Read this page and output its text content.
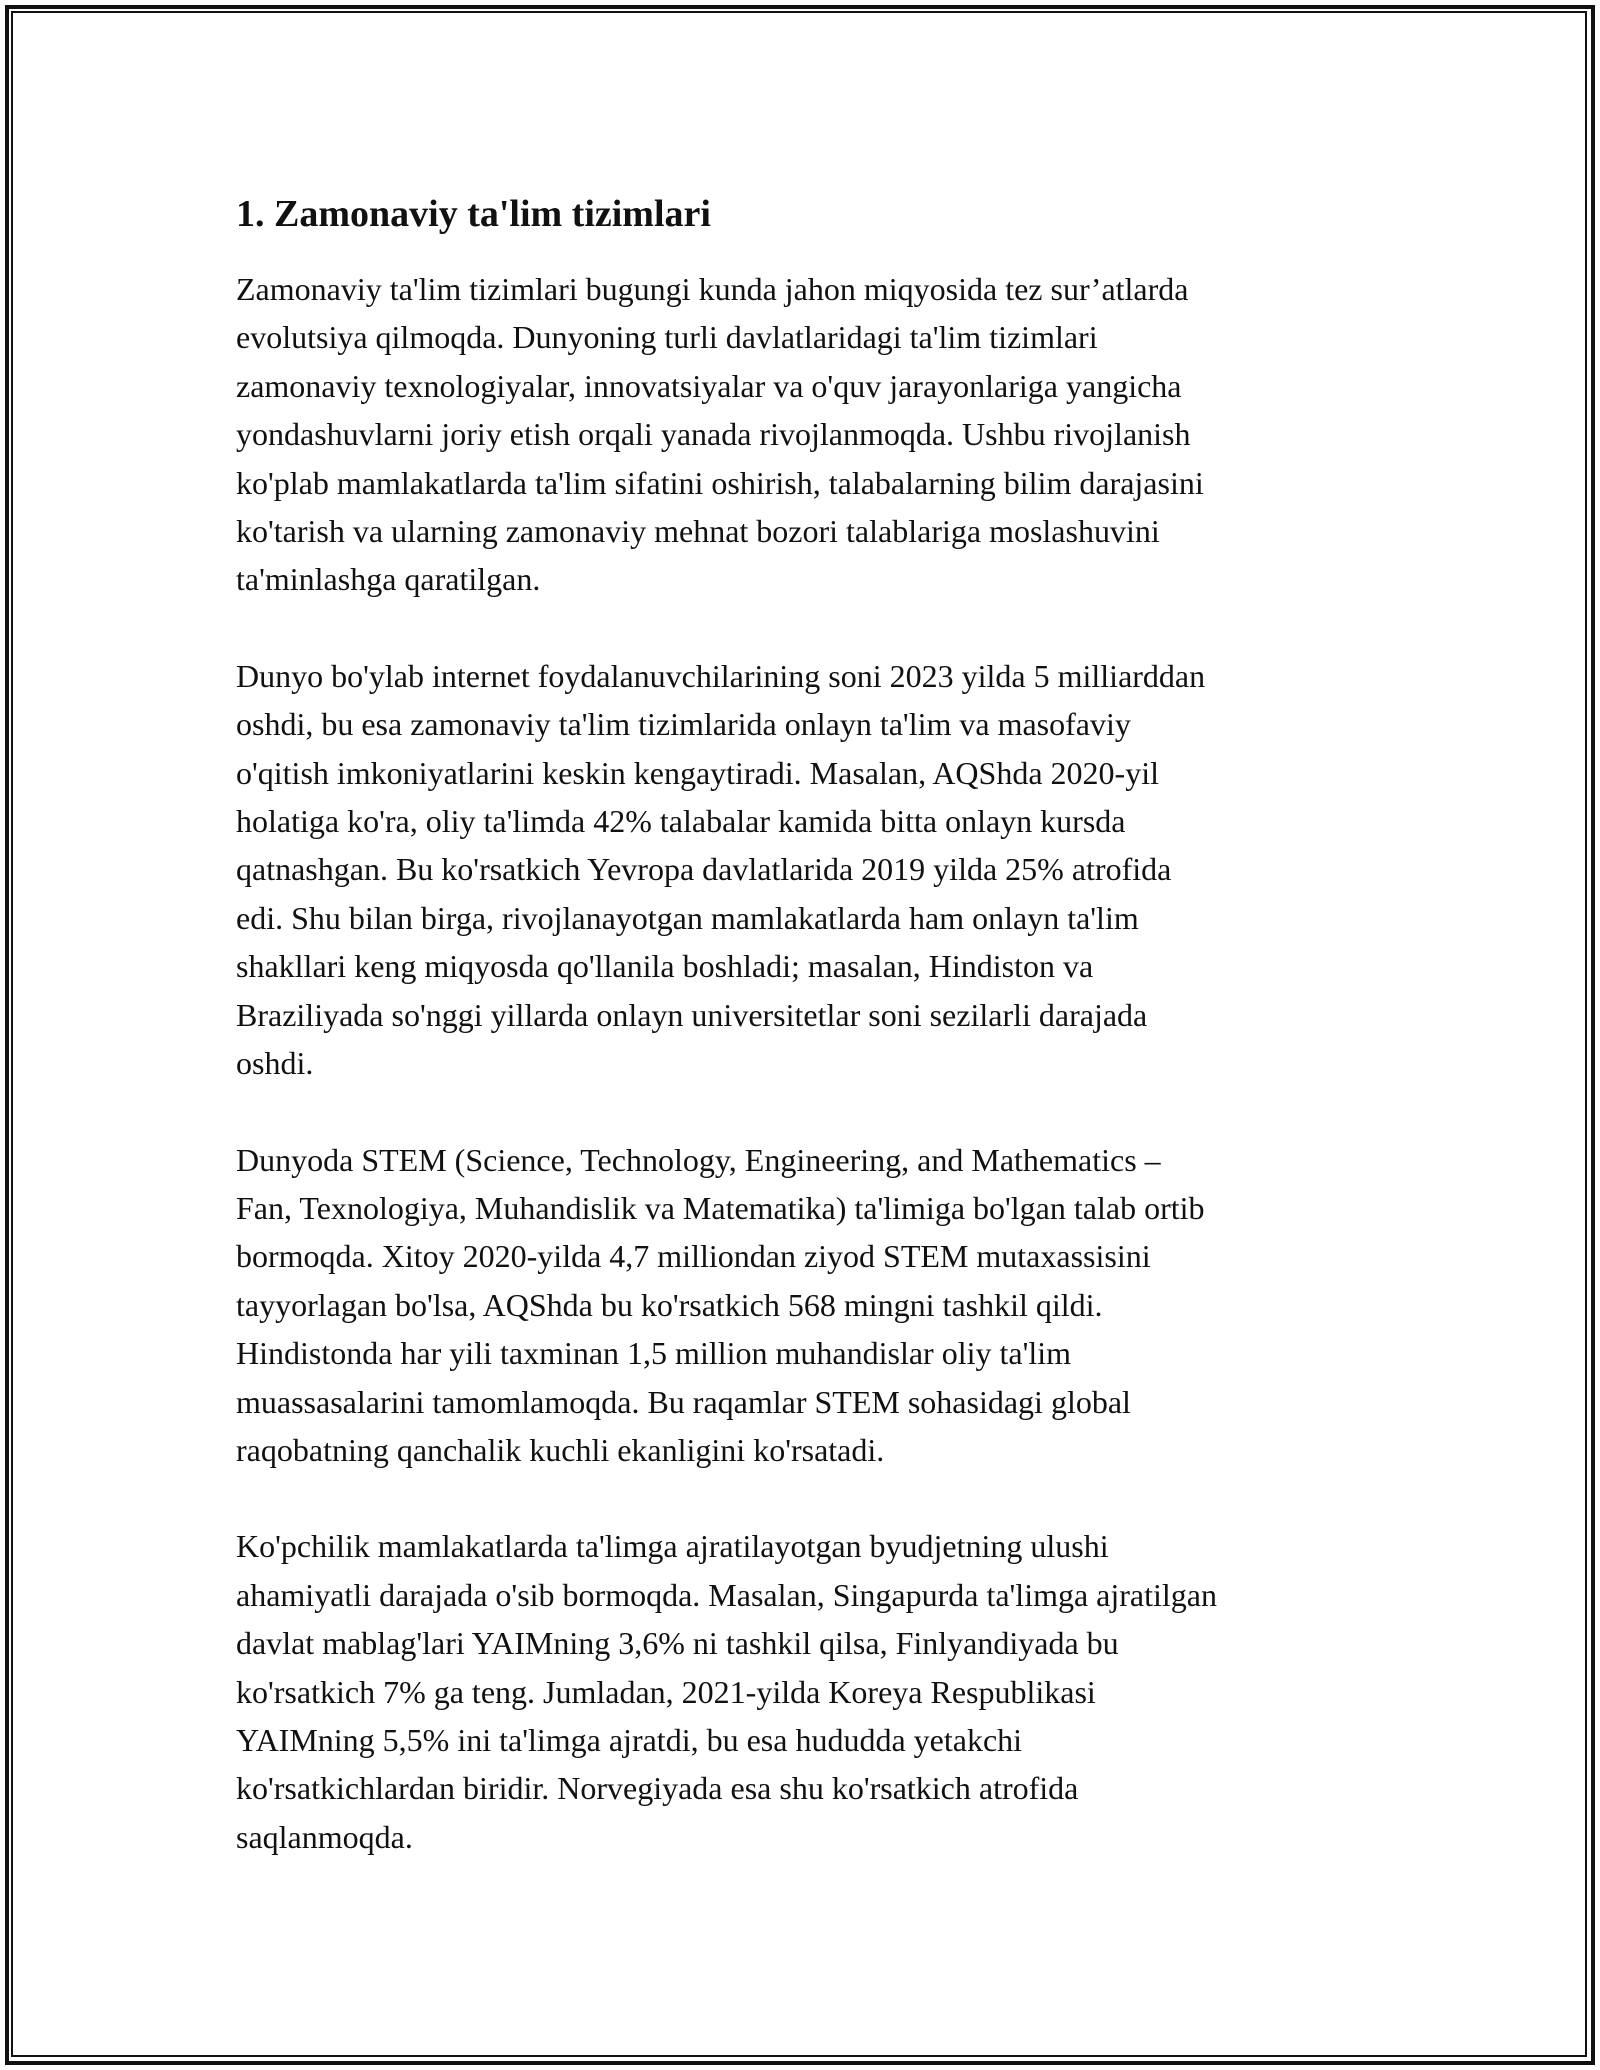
1. Zamonaviy ta'lim tizimlari

Zamonaviy ta'lim tizimlari bugungi kunda jahon miqyosida tez sur’atlarda
evolutsiya qilmoqda. Dunyoning turli davlatlaridagi ta'lim tizimlari
zamonaviy texnologiyalar, innovatsiyalar va o'quv jarayonlariga yangicha
yondashuvlarni joriy etish orqali yanada rivojlanmoqda. Ushbu rivojlanish
ko'plab mamlakatlarda ta'lim sifatini oshirish, talabalarning bilim darajasini
ko'tarish va ularning zamonaviy mehnat bozori talablariga moslashuvini
ta'minlashga qaratilgan.

Dunyo bo'ylab internet foydalanuvchilarining soni 2023 yilda 5 milliarddan
oshdi, bu esa zamonaviy ta'lim tizimlarida onlayn ta'lim va masofaviy
o'qitish imkoniyatlarini keskin kengaytiradi. Masalan, AQShda 2020-yil
holatiga ko'ra, oliy ta'limda 42% talabalar kamida bitta onlayn kursda
qatnashgan. Bu ko'rsatkich Yevropa davlatlarida 2019 yilda 25% atrofida
edi. Shu bilan birga, rivojlanayotgan mamlakatlarda ham onlayn ta'lim
shakllari keng miqyosda qo'llanila boshladi; masalan, Hindiston va
Braziliyada so'nggi yillarda onlayn universitetlar soni sezilarli darajada
oshdi.

Dunyoda STEM (Science, Technology, Engineering, and Mathematics –
Fan, Texnologiya, Muhandislik va Matematika) ta'limiga bo'lgan talab ortib
bormoqda. Xitoy 2020-yilda 4,7 milliondan ziyod STEM mutaxassisini
tayyorlagan bo'lsa, AQShda bu ko'rsatkich 568 mingni tashkil qildi.
Hindistonda har yili taxminan 1,5 million muhandislar oliy ta'lim
muassasalarini tamomlamoqda. Bu raqamlar STEM sohasidagi global
raqobatning qanchalik kuchli ekanligini ko'rsatadi.

Ko'pchilik mamlakatlarda ta'limga ajratilayotgan byudjetning ulushi
ahamiyatli darajada o'sib bormoqda. Masalan, Singapurda ta'limga ajratilgan
davlat mablag'lari YAIMning 3,6% ni tashkil qilsa, Finlyandiyada bu
ko'rsatkich 7% ga teng. Jumladan, 2021-yilda Koreya Respublikasi
YAIMning 5,5% ini ta'limga ajratdi, bu esa hududda yetakchi
ko'rsatkichlardan biridir. Norvegiyada esa shu ko'rsatkich atrofida
saqlanmoqda.
